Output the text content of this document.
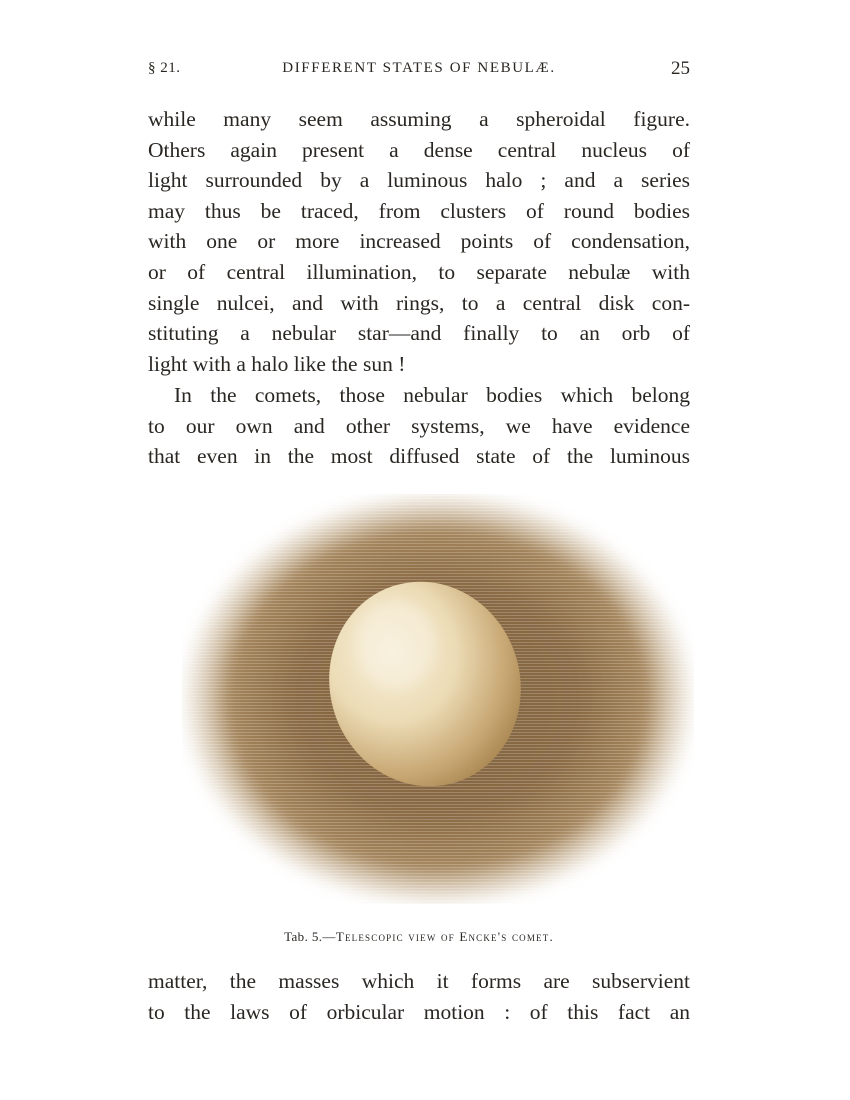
§ 21.	DIFFERENT STATES OF NEBULÆ.	25
while many seem assuming a spheroidal figure.
Others again present a dense central nucleus of
light surrounded by a luminous halo ; and a series
may thus be traced, from clusters of round bodies
with one or more increased points of condensation,
or of central illumination, to separate nebulæ with
single nulcei, and with rings, to a central disk con-
stituting a nebular star—and finally to an orb of
light with a halo like the sun !
In the comets, those nebular bodies which belong
to our own and other systems, we have evidence
that even in the most diffused state of the luminous
Tab. 5.—Telescopic view of Encke's comet.
matter, the masses which it forms are subservient
to the laws of orbicular motion : of this fact an
